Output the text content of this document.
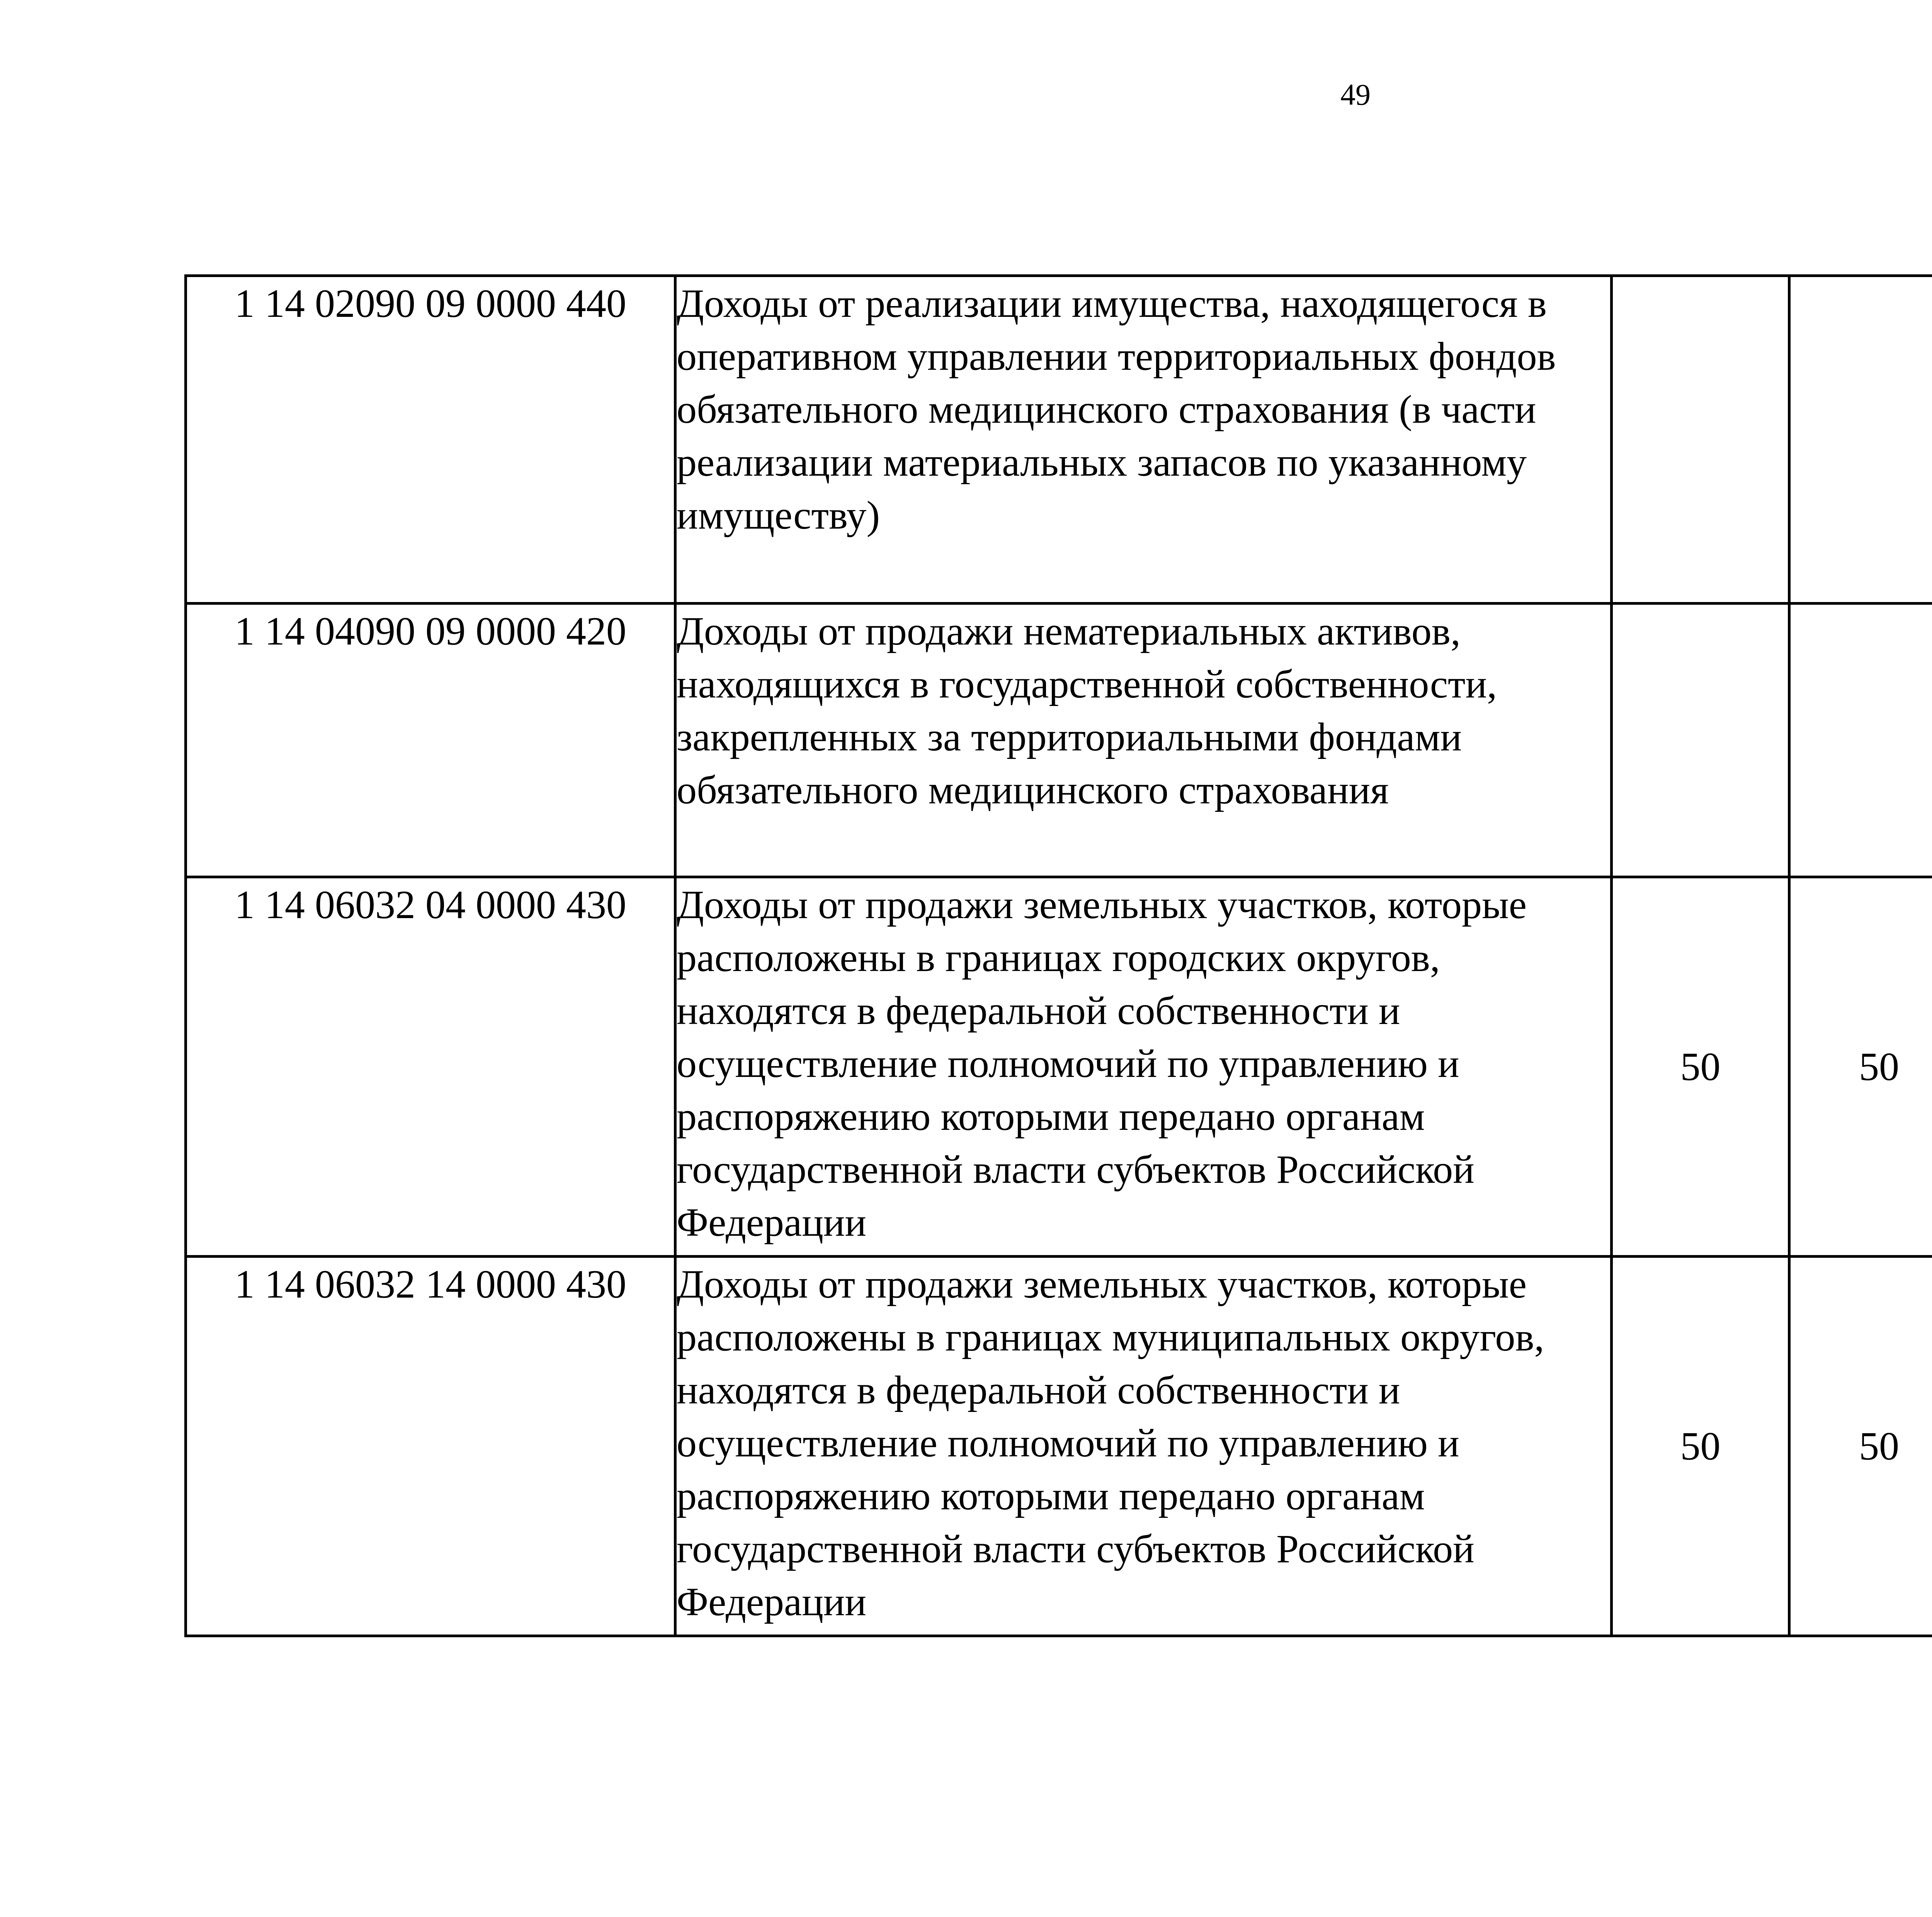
49
1 14 02090 09 0000 440	Доходы от реализации имущества, находящегося в оперативном управлении территориальных фондов обязательного медицинского страхования (в части реализации материальных запасов по указанному имуществу)					
1 14 04090 09 0000 420	Доходы от продажи нематериальных активов, находящихся в государственной собственности, закрепленных за территориальными фондами обязательного медицинского страхования					
1 14 06032 04 0000 430	Доходы от продажи земельных участков, которые расположены в границах городских округов, находятся в федеральной собственности и осуществление полномочий по управлению и распоряжению которыми передано органам государственной власти субъектов Российской Федерации	50	50			
1 14 06032 14 0000 430	Доходы от продажи земельных участков, которые расположены в границах муниципальных округов, находятся в федеральной собственности и осуществление полномочий по управлению и распоряжению которыми передано органам государственной власти субъектов Российской Федерации	50	50			
